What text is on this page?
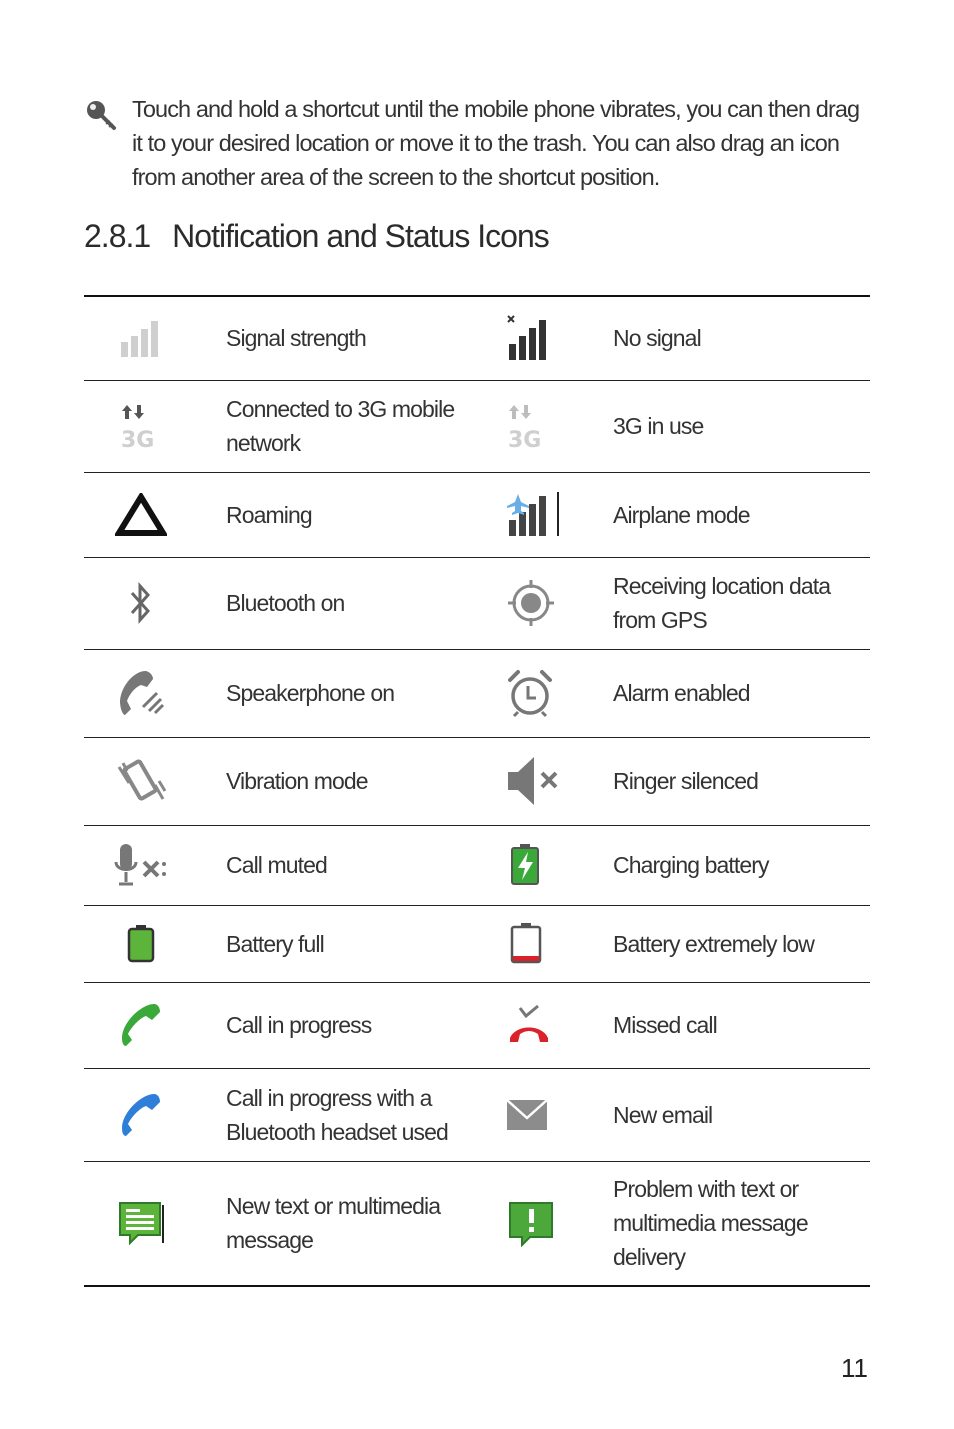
Touch and hold a shortcut until the mobile phone vibrates, you can then drag it to your desired location or move it to the trash. You can also drag an icon from another area of the screen to the shortcut position.
2.8.1 Notification and Status Icons
	Signal strength		No signal

3G	Connected to 3G mobile network	3G	3G in use
	Roaming		Airplane mode
	Bluetooth on		Receiving location data from GPS
	Speakerphone on		Alarm enabled
	Vibration mode		Ringer silenced
	Call muted		Charging battery
	Battery full		Battery extremely low
	Call in progress		Missed call
	Call in progress with a Bluetooth headset used		New email
	New text or multimedia message		Problem with text or multimedia message delivery
11
